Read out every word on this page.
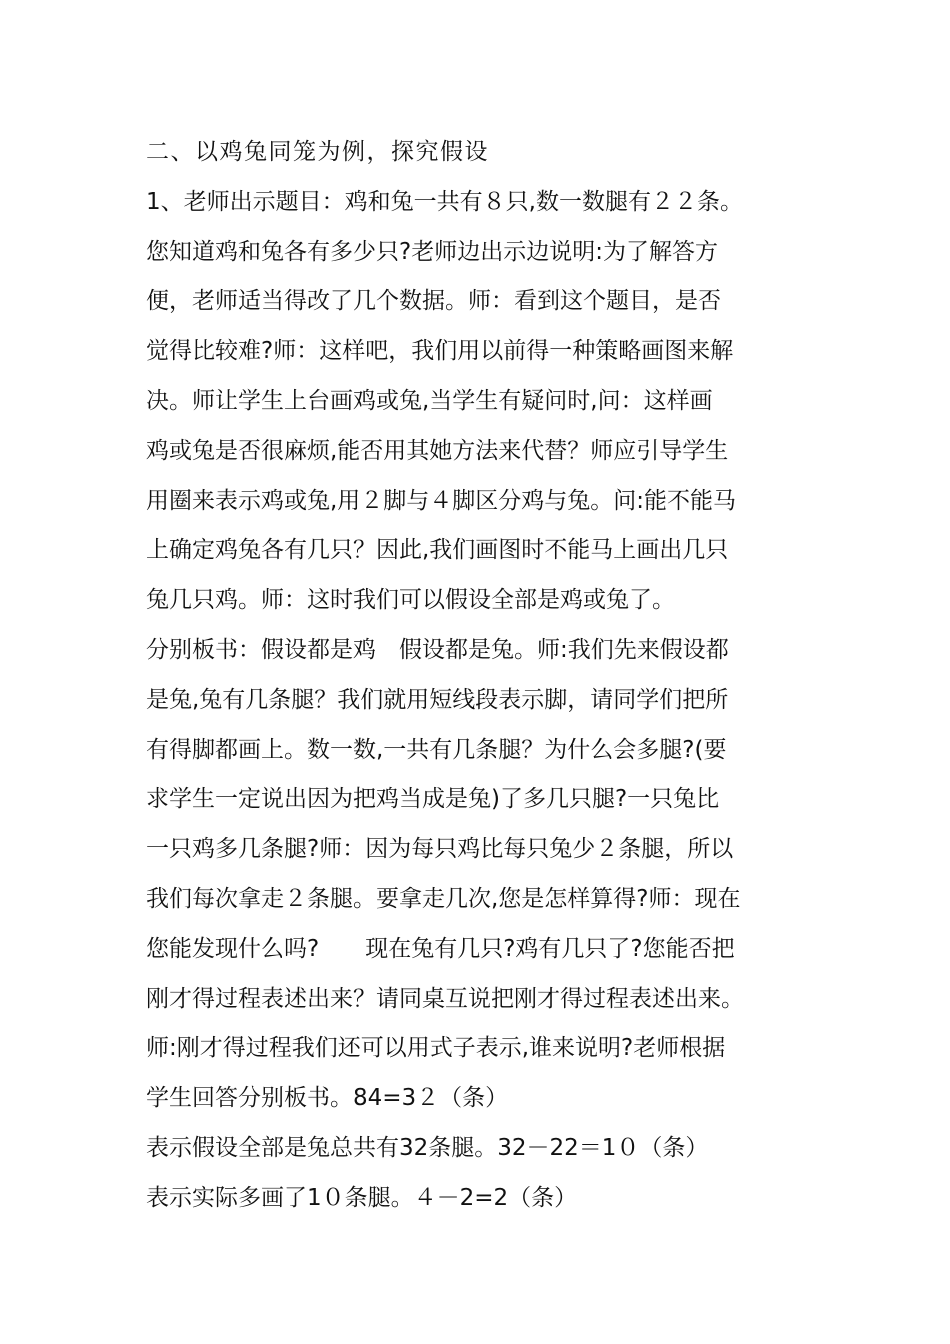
二、以鸡兔同笼为例，探究假设
1、老师出示题目：鸡和兔一共有８只,数一数腿有２２条。
您知道鸡和兔各有多少只?老师边出示边说明:为了解答方
便，老师适当得改了几个数据。师：看到这个题目，是否
觉得比较难?师：这样吧，我们用以前得一种策略画图来解
决。师让学生上台画鸡或兔,当学生有疑问时,问：这样画
鸡或兔是否很麻烦,能否用其她方法来代替？师应引导学生
用圈来表示鸡或兔,用２脚与４脚区分鸡与兔。问:能不能马
上确定鸡兔各有几只？因此,我们画图时不能马上画出几只
兔几只鸡。师：这时我们可以假设全部是鸡或兔了。
分别板书：假设都是鸡　假设都是兔。师:我们先来假设都
是兔,兔有几条腿？我们就用短线段表示脚，请同学们把所
有得脚都画上。数一数,一共有几条腿？为什么会多腿?(要
求学生一定说出因为把鸡当成是兔)了多几只腿?一只兔比
一只鸡多几条腿?师：因为每只鸡比每只兔少２条腿，所以
我们每次拿走２条腿。要拿走几次,您是怎样算得?师：现在
您能发现什么吗?　　现在兔有几只?鸡有几只了?您能否把
刚才得过程表述出来？请同桌互说把刚才得过程表述出来。
师:刚才得过程我们还可以用式子表示,谁来说明?老师根据
学生回答分别板书。84=3２（条）
表示假设全部是兔总共有32条腿。32－22＝1０（条）
表示实际多画了1０条腿。４－2=2（条）
